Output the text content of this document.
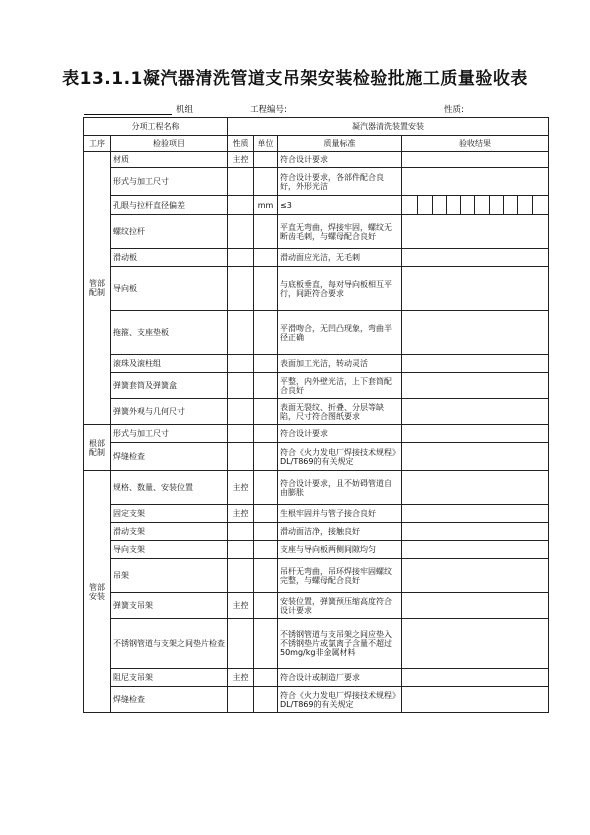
表13.1.1凝汽器清洗管道支吊架安装检验批施工质量验收表
机组	工程编号:	性质:
分项工程名称		凝汽器清洗装置安装			
工序	检验项目	性质	单位	质量标准	验收结果
管部
配制	材质	主控		符合设计要求	
	形式与加工尺寸			符合设计要求，各部件配合良好，外形光洁	
	孔眼与拉杆直径偏差		mm	≤3	

	螺纹拉杆			平直无弯曲，焊接牢固，螺纹无断齿毛刺，与螺母配合良好	
	滑动板			滑动面应光洁，无毛刺	
	导向板			与底板垂直，每对导向板相互平行，间距符合要求	
	拖箍、支座垫板			平滑吻合，无凹凸现象，弯曲半径正确	
	滚珠及滚柱组			表面加工光洁，转动灵活	
	弹簧套筒及弹簧盒			平整，内外壁光洁，上下套筒配合良好	
	弹簧外观与几何尺寸			表面无裂纹、折叠、分层等缺陷，尺寸符合图纸要求	
根部
配制	形式与加工尺寸			符合设计要求	
	焊缝检查			符合《火力发电厂焊接技术规程》DL/T869的有关规定	
管部
安装	规格、数量、安装位置	主控		符合设计要求，且不妨碍管道自由膨胀	
	固定支架	主控		生根牢固并与管子接合良好	
	滑动支架			滑动面洁净，接触良好	
	导向支架			支座与导向板两侧间隙均匀	
	吊架			吊杆无弯曲，吊环焊接牢固螺纹完整，与螺母配合良好	
	弹簧支吊架	主控		安装位置，弹簧预压缩高度符合设计要求	
	不锈钢管道与支架之间垫片检查			不锈钢管道与支吊架之间应垫入不锈钢垫片或氯离子含量不超过50mg/kg非金属材料	
	阻尼支吊架	主控		符合设计或制造厂要求	
	焊缝检查			符合《火力发电厂焊接技术规程》DL/T869的有关规定	
